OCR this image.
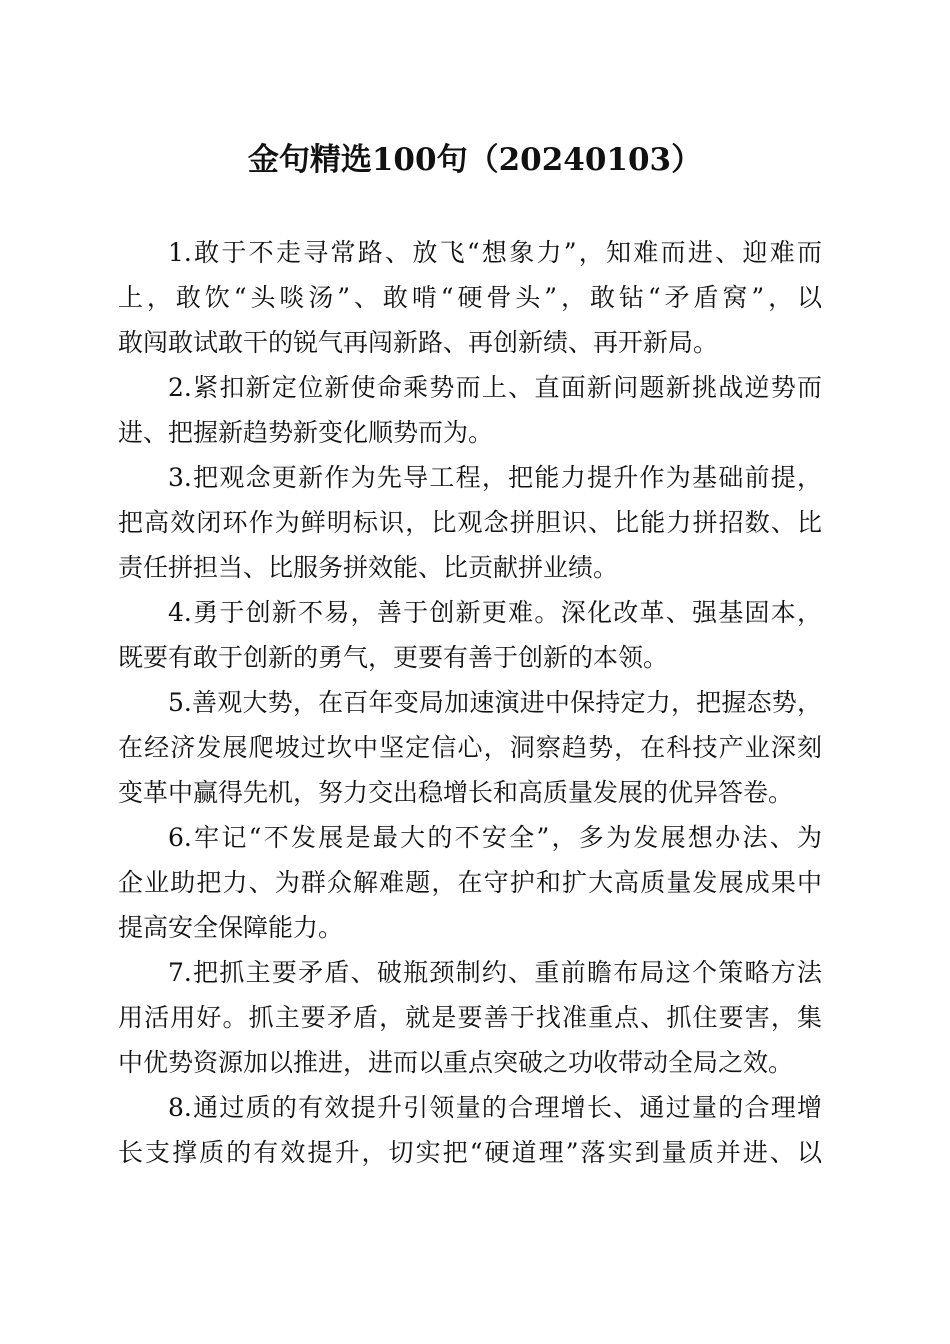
金句精选100句（20240103）
1.敢于不走寻常路、放飞“想象力”，知难而进、迎难而
上，敢饮“头啖汤”、敢啃“硬骨头”，敢钻“矛盾窝”，以
敢闯敢试敢干的锐气再闯新路、再创新绩、再开新局。
2.紧扣新定位新使命乘势而上、直面新问题新挑战逆势而
进、把握新趋势新变化顺势而为。
3.把观念更新作为先导工程，把能力提升作为基础前提，
把高效闭环作为鲜明标识，比观念拼胆识、比能力拼招数、比
责任拼担当、比服务拼效能、比贡献拼业绩。
4.勇于创新不易，善于创新更难。深化改革、强基固本，
既要有敢于创新的勇气，更要有善于创新的本领。
5.善观大势，在百年变局加速演进中保持定力，把握态势，
在经济发展爬坡过坎中坚定信心，洞察趋势，在科技产业深刻
变革中赢得先机，努力交出稳增长和高质量发展的优异答卷。
6.牢记“不发展是最大的不安全”，多为发展想办法、为
企业助把力、为群众解难题，在守护和扩大高质量发展成果中
提高安全保障能力。
7.把抓主要矛盾、破瓶颈制约、重前瞻布局这个策略方法
用活用好。抓主要矛盾，就是要善于找准重点、抓住要害，集
中优势资源加以推进，进而以重点突破之功收带动全局之效。
8.通过质的有效提升引领量的合理增长、通过量的合理增
长支撑质的有效提升，切实把“硬道理”落实到量质并进、以
